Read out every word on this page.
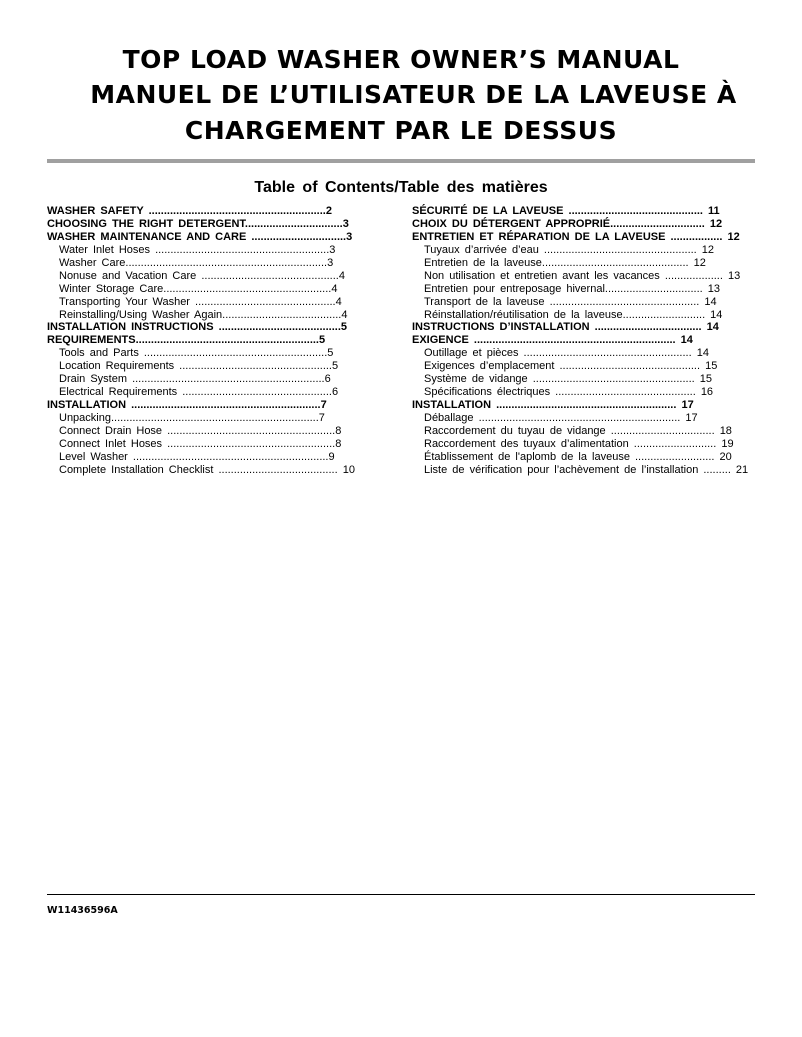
TOP LOAD WASHER OWNER’S MANUAL
MANUEL DE L’UTILISATEUR DE LA LAVEUSE À
CHARGEMENT PAR LE DESSUS
Table of Contents/Table des matières
WASHER SAFETY ..........................................................2
CHOOSING THE RIGHT DETERGENT................................3
WASHER MAINTENANCE AND CARE ...............................3
Water Inlet Hoses .........................................................3
Washer Care..................................................................3
Nonuse and Vacation Care .............................................4
Winter Storage Care.......................................................4
Transporting Your Washer ..............................................4
Reinstalling/Using Washer Again.......................................4
INSTALLATION INSTRUCTIONS ........................................5
REQUIREMENTS............................................................5
Tools and Parts ............................................................5
Location Requirements ..................................................5
Drain System ...............................................................6
Electrical Requirements .................................................6
INSTALLATION ..............................................................7
Unpacking....................................................................7
Connect Drain Hose .......................................................8
Connect Inlet Hoses .......................................................8
Level Washer ................................................................9
Complete Installation Checklist ....................................... 10
SÉCURITÉ DE LA LAVEUSE ............................................ 11
CHOIX DU DÉTERGENT APPROPRIÉ............................... 12
ENTRETIEN ET RÉPARATION DE LA LAVEUSE ................. 12
Tuyaux d’arrivée d’eau .................................................. 12
Entretien de la laveuse................................................ 12
Non utilisation et entretien avant les vacances ................... 13
Entretien pour entreposage hivernal................................ 13
Transport de la laveuse ................................................. 14
Réinstallation/réutilisation de la laveuse........................... 14
INSTRUCTIONS D’INSTALLATION ................................... 14
EXIGENCE .................................................................. 14
Outillage et pièces ....................................................... 14
Exigences d’emplacement .............................................. 15
Système de vidange ..................................................... 15
Spécifications électriques .............................................. 16
INSTALLATION ........................................................... 17
Déballage .................................................................. 17
Raccordement du tuyau de vidange .................................. 18
Raccordement des tuyaux d’alimentation ........................... 19
Établissement de l'aplomb de la laveuse .......................... 20
Liste de vérification pour l’achèvement de l’installation ......... 21
W11436596A
